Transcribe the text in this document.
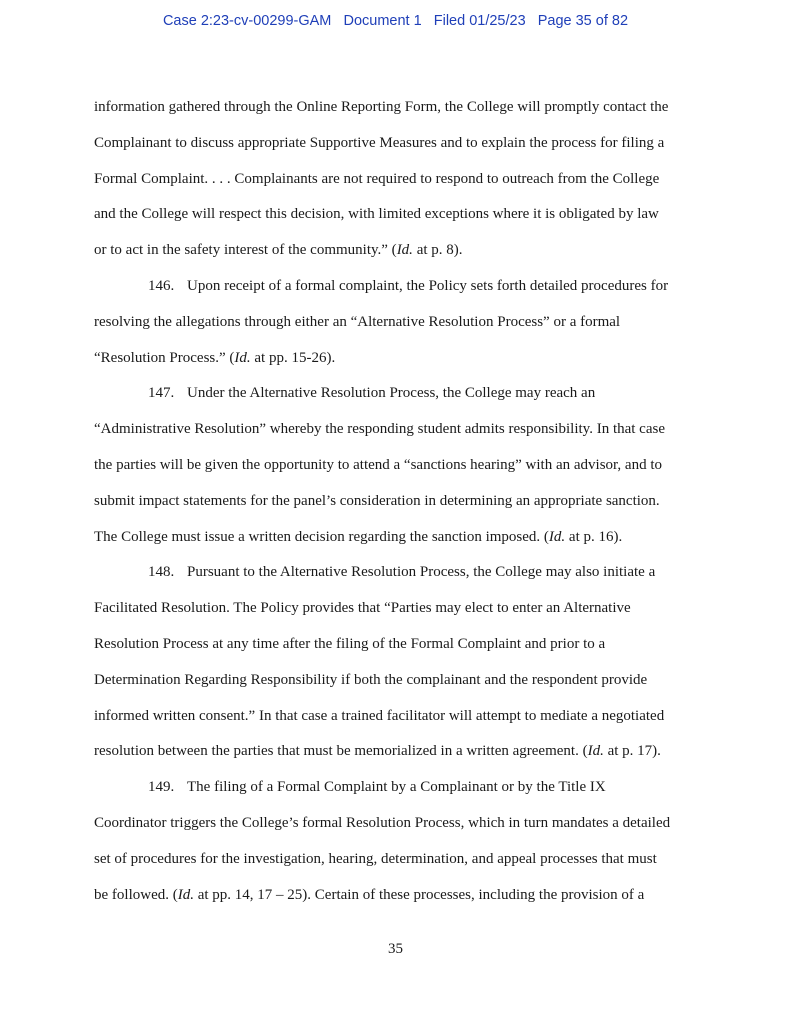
Case 2:23-cv-00299-GAM   Document 1   Filed 01/25/23   Page 35 of 82
information gathered through the Online Reporting Form, the College will promptly contact the
Complainant to discuss appropriate Supportive Measures and to explain the process for filing a
Formal Complaint. . . . Complainants are not required to respond to outreach from the College
and the College will respect this decision, with limited exceptions where it is obligated by law
or to act in the safety interest of the community.” (Id. at p. 8).
146. Upon receipt of a formal complaint, the Policy sets forth detailed procedures for
resolving the allegations through either an “Alternative Resolution Process” or a formal
“Resolution Process.” (Id. at pp. 15-26).
147. Under the Alternative Resolution Process, the College may reach an
“Administrative Resolution” whereby the responding student admits responsibility. In that case
the parties will be given the opportunity to attend a “sanctions hearing” with an advisor, and to
submit impact statements for the panel’s consideration in determining an appropriate sanction.
The College must issue a written decision regarding the sanction imposed. (Id. at p. 16).
148. Pursuant to the Alternative Resolution Process, the College may also initiate a
Facilitated Resolution. The Policy provides that “Parties may elect to enter an Alternative
Resolution Process at any time after the filing of the Formal Complaint and prior to a
Determination Regarding Responsibility if both the complainant and the respondent provide
informed written consent.” In that case a trained facilitator will attempt to mediate a negotiated
resolution between the parties that must be memorialized in a written agreement. (Id. at p. 17).
149. The filing of a Formal Complaint by a Complainant or by the Title IX
Coordinator triggers the College’s formal Resolution Process, which in turn mandates a detailed
set of procedures for the investigation, hearing, determination, and appeal processes that must
be followed. (Id. at pp. 14, 17 – 25). Certain of these processes, including the provision of a
35
